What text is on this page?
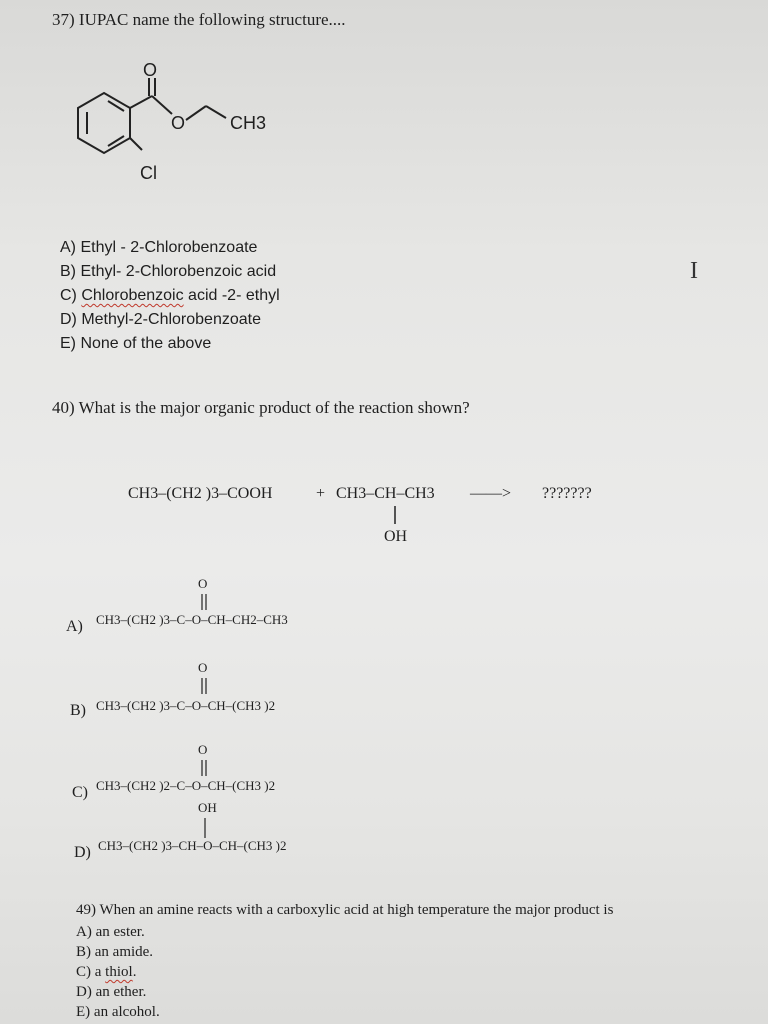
37) IUPAC name the following structure....
O
O CH3
Cl
A) Ethyl - 2-Chlorobenzoate
B) Ethyl- 2-Chlorobenzoic acid
C) Chlorobenzoic acid -2- ethyl
D) Methyl-2-Chlorobenzoate
E) None of the above
I
40) What is the major organic product of the reaction shown?
CH3–(CH2 )3–COOH	+ CH3–CH–CH3
OH
——> ???????
A)
O
CH3–(CH2 )3–C–O–CH–CH2–CH3
B)
O
CH3–(CH2 )3–C–O–CH–(CH3 )2
C)
O
CH3–(CH2 )2–C–O–CH–(CH3 )2
OH
D) CH3–(CH2 )3–CH–O–CH–(CH3 )2
49) When an amine reacts with a carboxylic acid at high temperature the major product is
A) an ester.
B) an amide.
C) a thiol.
D) an ether.
E) an alcohol.
